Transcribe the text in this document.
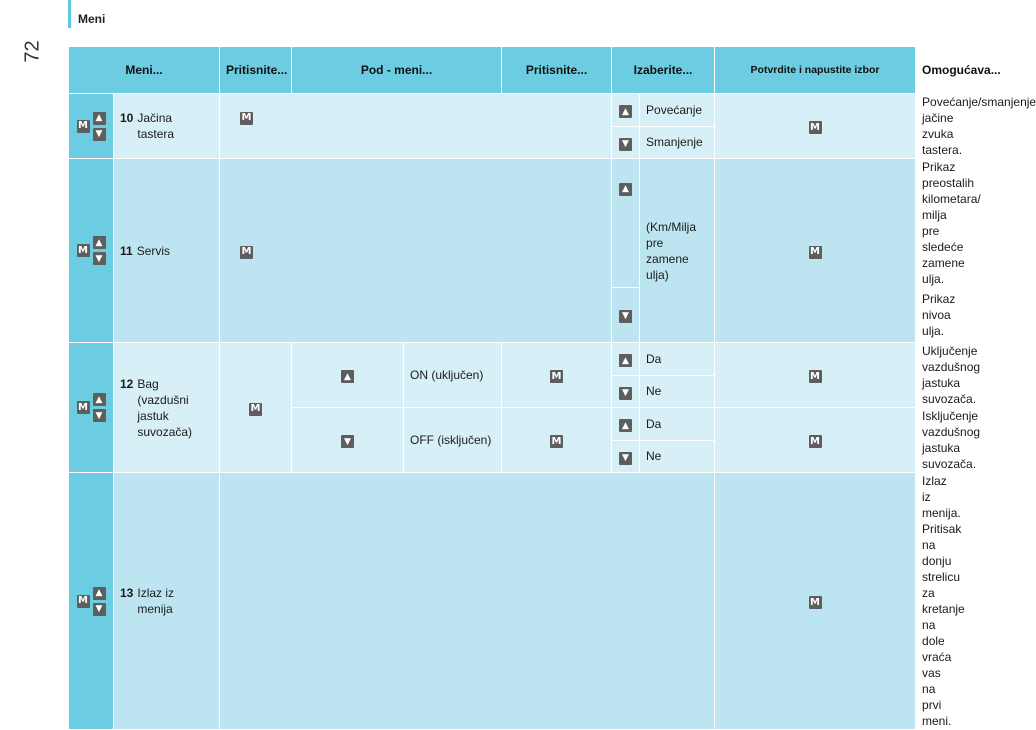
72
Meni
Meni...		Pritisnite...	Pod - meni...		Pritisnite...	Izaberite...		Potvrdite i napustite izbor	Omogućava...

M
▲
▼	10 Jačina tastera	M				▲	Povećanje	M	Povećanje/smanjenje jačine zvuka tastera.
						▼	Smanjenje		

M
▲
▼	11 Servis	M				▲	(Km/Milja pre zamene ulja)	M	Prikaz preostalih kilometara/ milja pre sledeće zamene ulja.
						▼			Prikaz nivoa ulja.

M
▲
▼	12 Bag (vazdušni jastuk suvozača)	M	▲	ON (uključen)	M	▲	Da	M	Uključenje vazdušnog jastuka suvozača.
						▼	Ne		
			▼	OFF (isključen)	M	▲	Da	M	Isključenje vazdušnog jastuka suvozača.
						▼	Ne		

M
▲
▼	13 Izlaz iz menija							M	Izlaz iz menija. Pritisak na donju strelicu za kretanje na dole vraća vas na prvi meni.
